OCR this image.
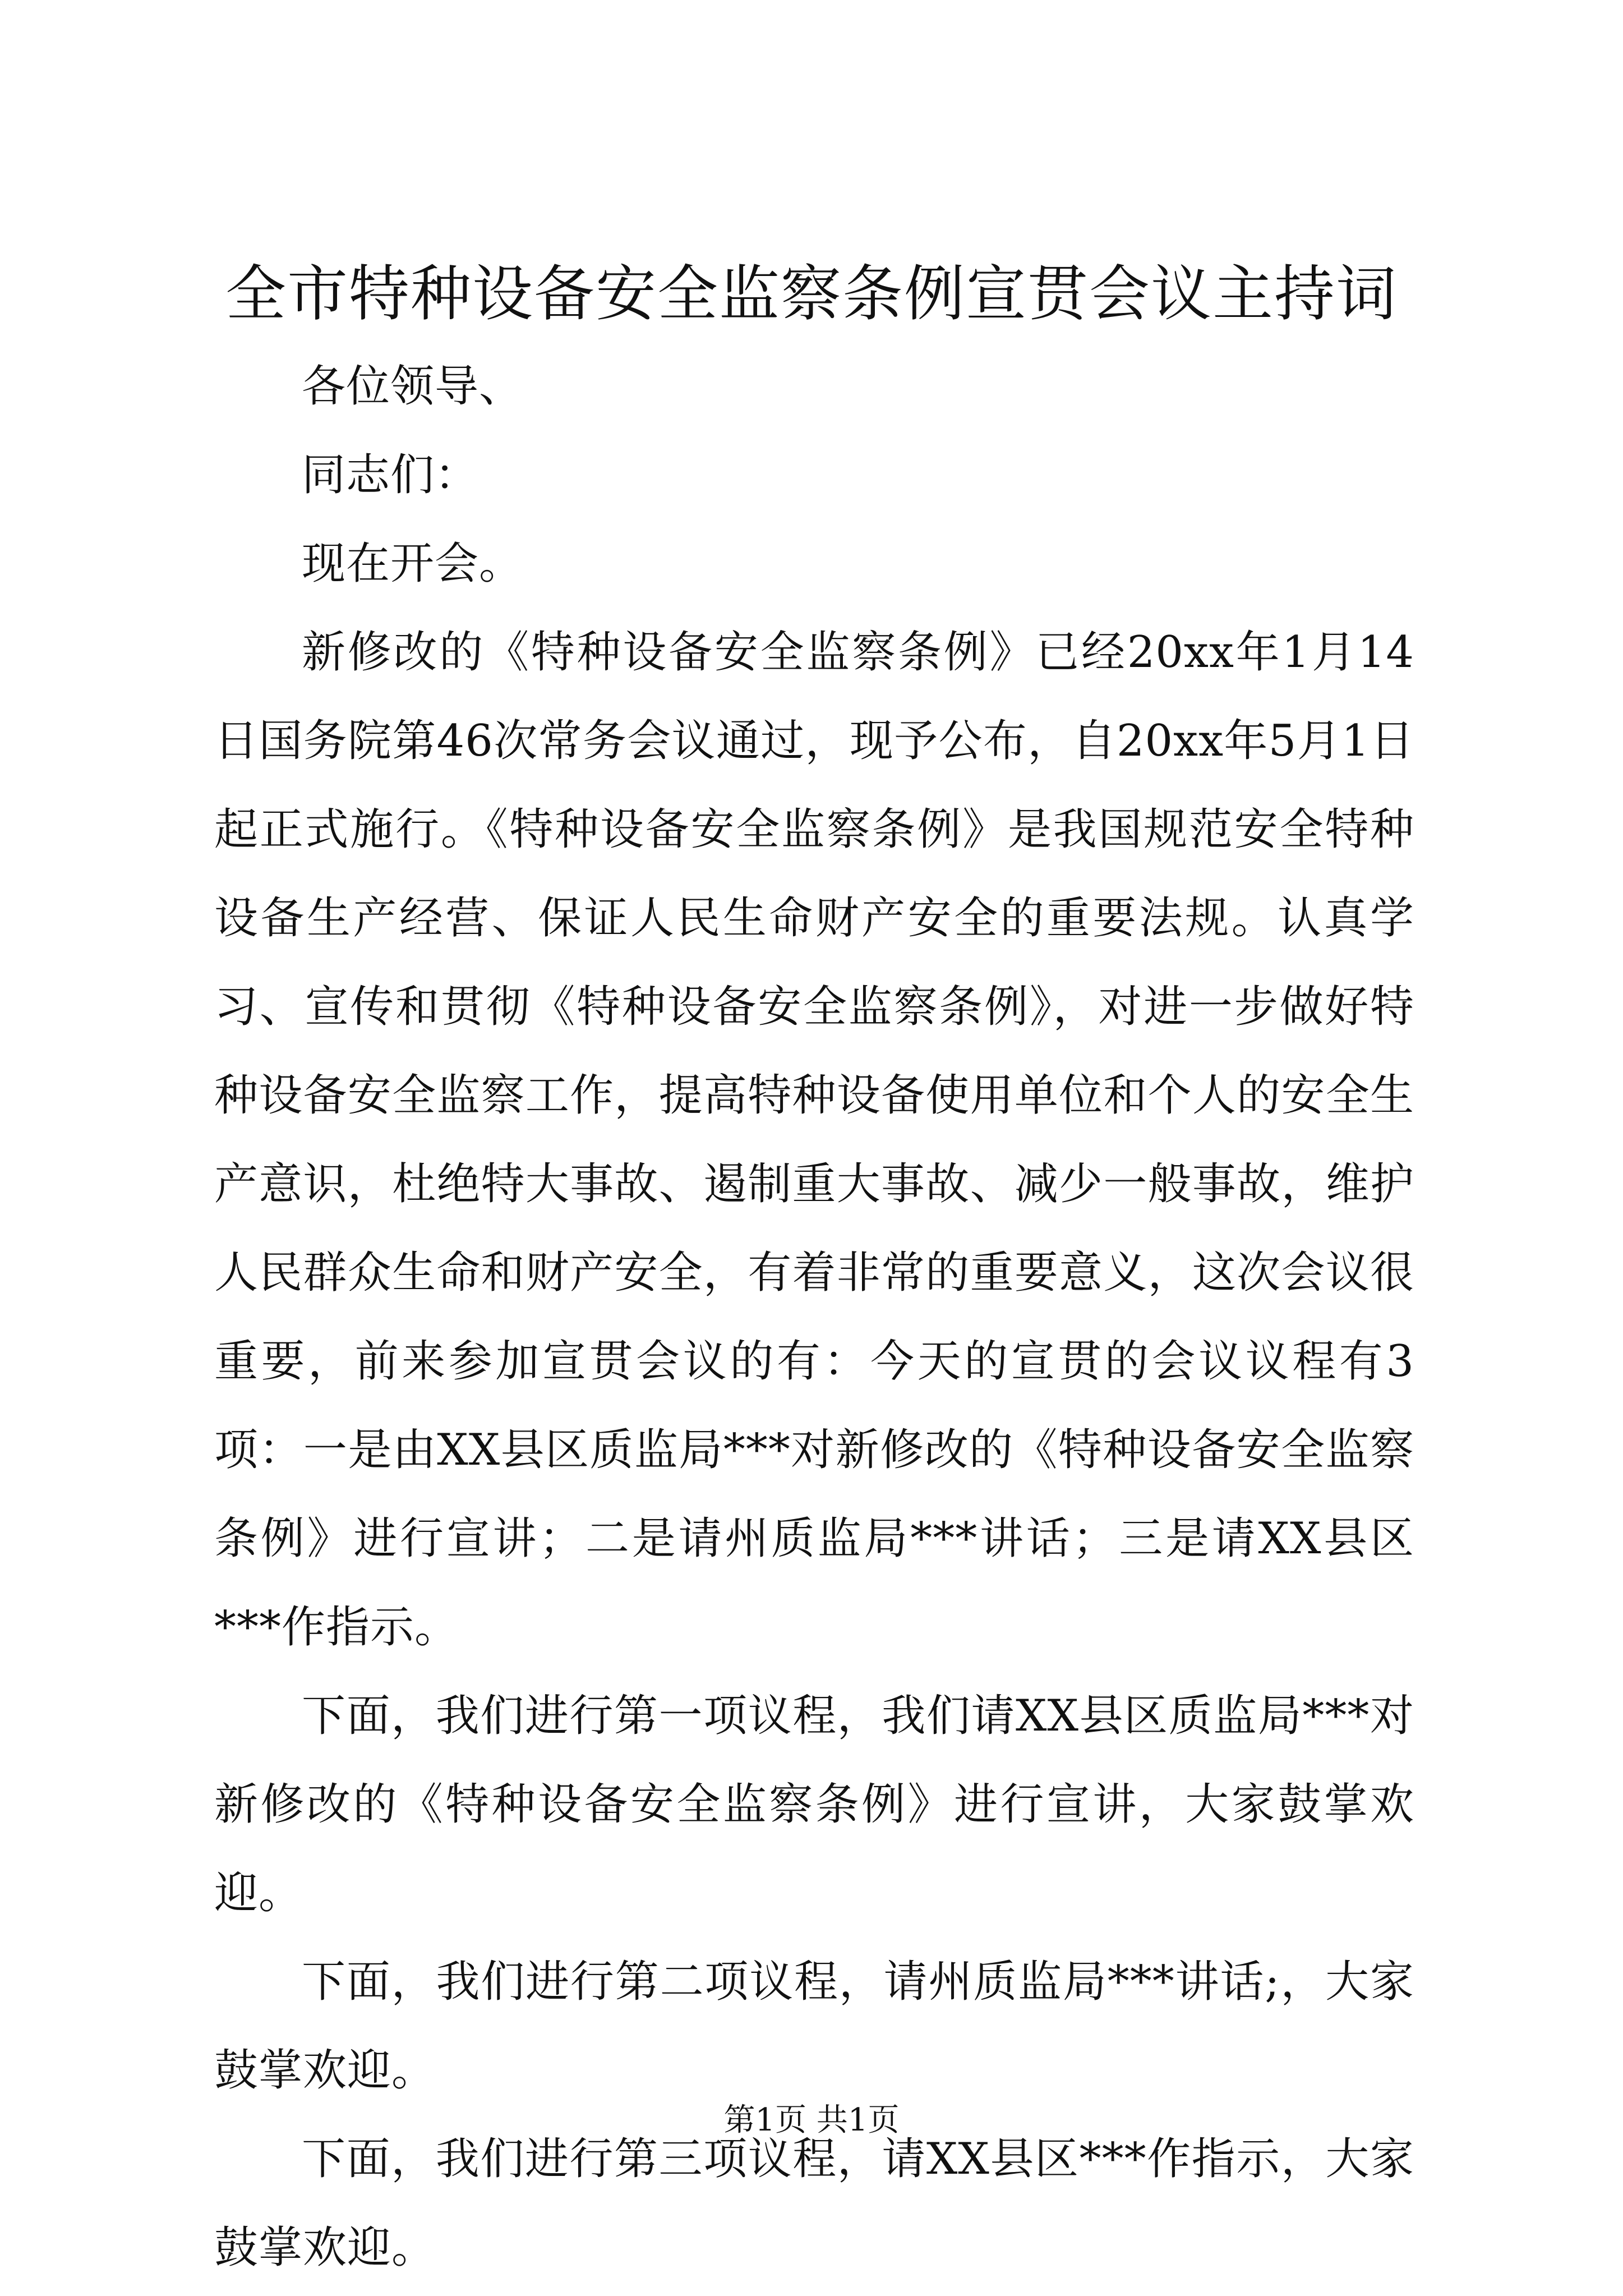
全市特种设备安全监察条例宣贯会议主持词

各位领导、

同志们：

现在开会。

新修改的《特种设备安全监察条例》已经20xx年1月14日国务院第46次常务会议通过，现予公布，自20xx年5月1日起正式施行。《特种设备安全监察条例》是我国规范安全特种设备生产经营、保证人民生命财产安全的重要法规。认真学习、宣传和贯彻《特种设备安全监察条例》，对进一步做好特种设备安全监察工作，提高特种设备使用单位和个人的安全生产意识，杜绝特大事故、遏制重大事故、减少一般事故，维护人民群众生命和财产安全，有着非常的重要意义，这次会议很重要，前来参加宣贯会议的有：今天的宣贯的会议议程有3项：一是由XX县区质监局***对新修改的《特种设备安全监察条例》进行宣讲；二是请州质监局***讲话；三是请XX县区***作指示。

下面，我们进行第一项议程，我们请XX县区质监局***对新修改的《特种设备安全监察条例》进行宣讲，大家鼓掌欢迎。

下面，我们进行第二项议程，请州质监局***讲话;，大家鼓掌欢迎。

下面，我们进行第三项议程，请XX县区***作指示，大家鼓掌欢迎。

第1页 共1页
